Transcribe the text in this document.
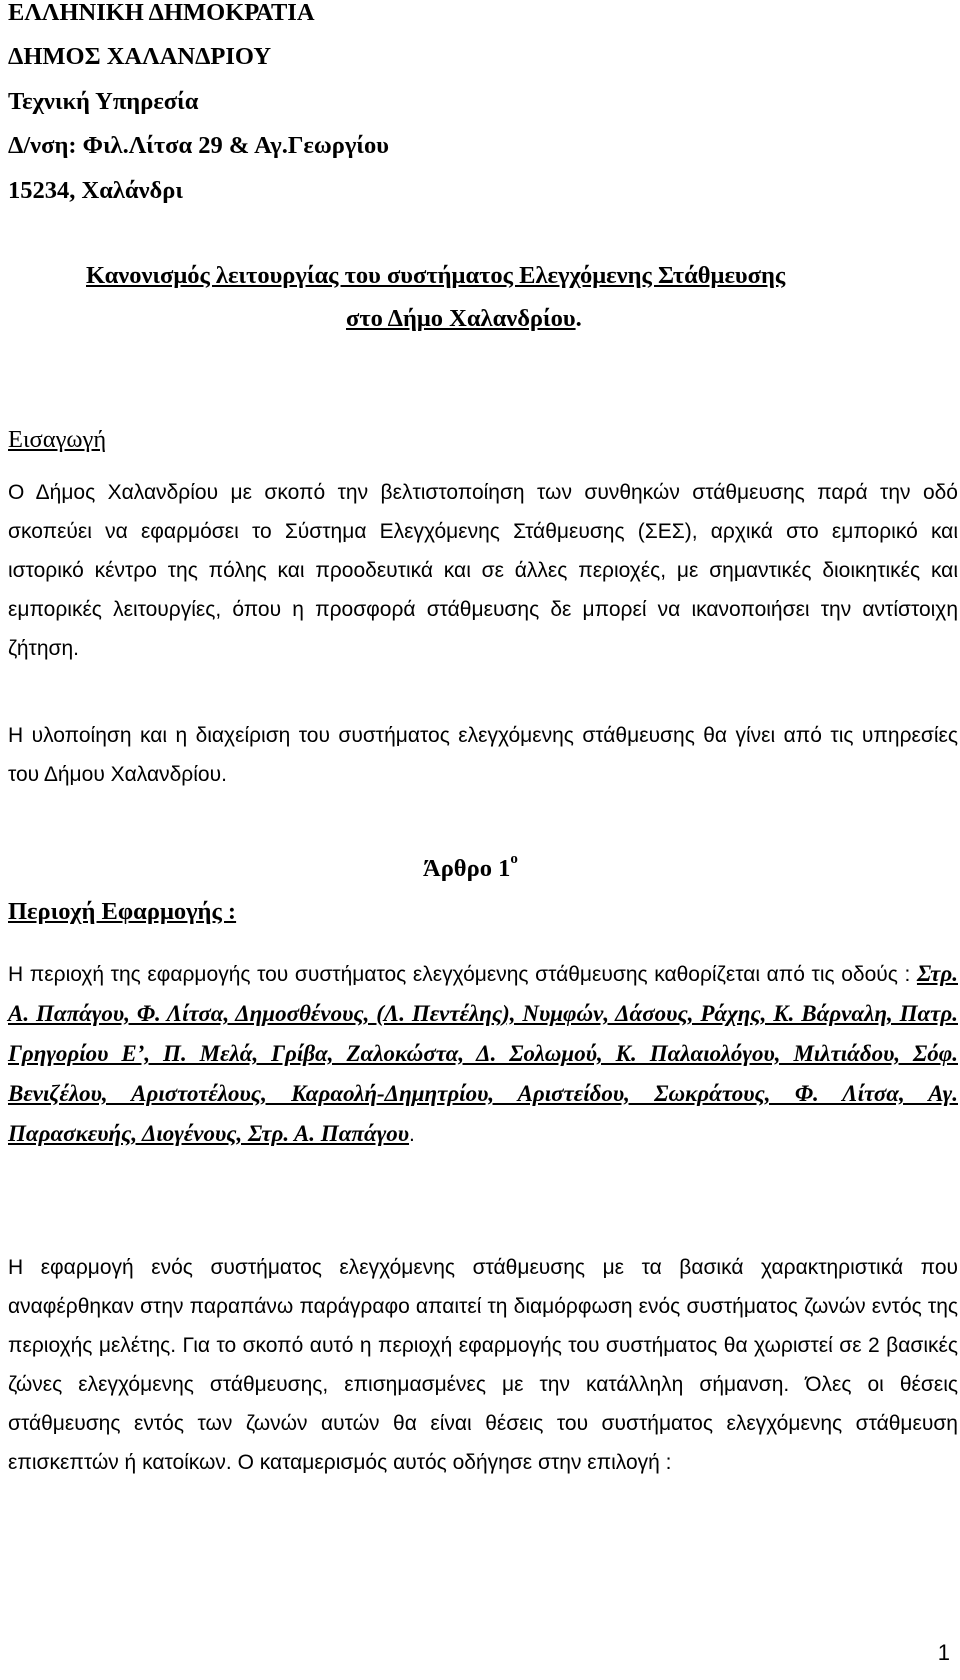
ΕΛΛΗΝΙΚΗ ΔΗΜΟΚΡΑΤΙΑ
ΔΗΜΟΣ ΧΑΛΑΝΔΡΙΟΥ
Τεχνική Υπηρεσία
Δ/νση: Φιλ.Λίτσα 29 & Αγ.Γεωργίου
15234, Χαλάνδρι
Κανονισμός λειτουργίας του συστήματος Ελεγχόμενης Στάθμευσης
στο Δήμο Χαλανδρίου.
Εισαγωγή
Ο Δήμος Χαλανδρίου με σκοπό την βελτιστοποίηση των συνθηκών στάθμευσης παρά την οδό σκοπεύει να εφαρμόσει το Σύστημα Ελεγχόμενης Στάθμευσης (ΣΕΣ), αρχικά στο εμπορικό και ιστορικό κέντρο της πόλης και προοδευτικά και σε άλλες περιοχές, με σημαντικές διοικητικές και εμπορικές λειτουργίες, όπου η προσφορά στάθμευσης δε μπορεί να ικανοποιήσει την αντίστοιχη ζήτηση.
Η υλοποίηση και η διαχείριση του συστήματος ελεγχόμενης στάθμευσης θα γίνει από τις υπηρεσίες του Δήμου Χαλανδρίου.
Άρθρο $1^o$
Περιοχή Εφαρμογής :
Η περιοχή της εφαρμογής του συστήματος ελεγχόμενης στάθμευσης καθορίζεται από τις οδούς : Στρ. Α. Παπάγου, Φ. Λίτσα, Δημοσθένους, (Λ. Πεντέλης), Νυμφών, Δάσους, Ράχης, Κ. Βάρναλη, Πατρ. Γρηγορίου Ε’, Π. Μελά, Γρίβα, Ζαλοκώστα, Δ. Σολωμού, Κ. Παλαιολόγου, Μιλτιάδου, Σόφ. Βενιζέλου, Αριστοτέλους, Καραολή-Δημητρίου, Αριστείδου, Σωκράτους, Φ. Λίτσα, Αγ. Παρασκευής, Διογένους, Στρ. Α. Παπάγου.
Η εφαρμογή ενός συστήματος ελεγχόμενης στάθμευσης με τα βασικά χαρακτηριστικά που αναφέρθηκαν στην παραπάνω παράγραφο απαιτεί τη διαμόρφωση ενός συστήματος ζωνών εντός της περιοχής μελέτης. Για το σκοπό αυτό η περιοχή εφαρμογής του συστήματος θα χωριστεί σε 2 βασικές ζώνες ελεγχόμενης στάθμευσης, επισημασμένες με την κατάλληλη σήμανση. Όλες οι θέσεις στάθμευσης εντός των ζωνών αυτών θα είναι θέσεις του συστήματος ελεγχόμενης στάθμευση επισκεπτών ή κατοίκων. Ο καταμερισμός αυτός οδήγησε στην επιλογή :
1
